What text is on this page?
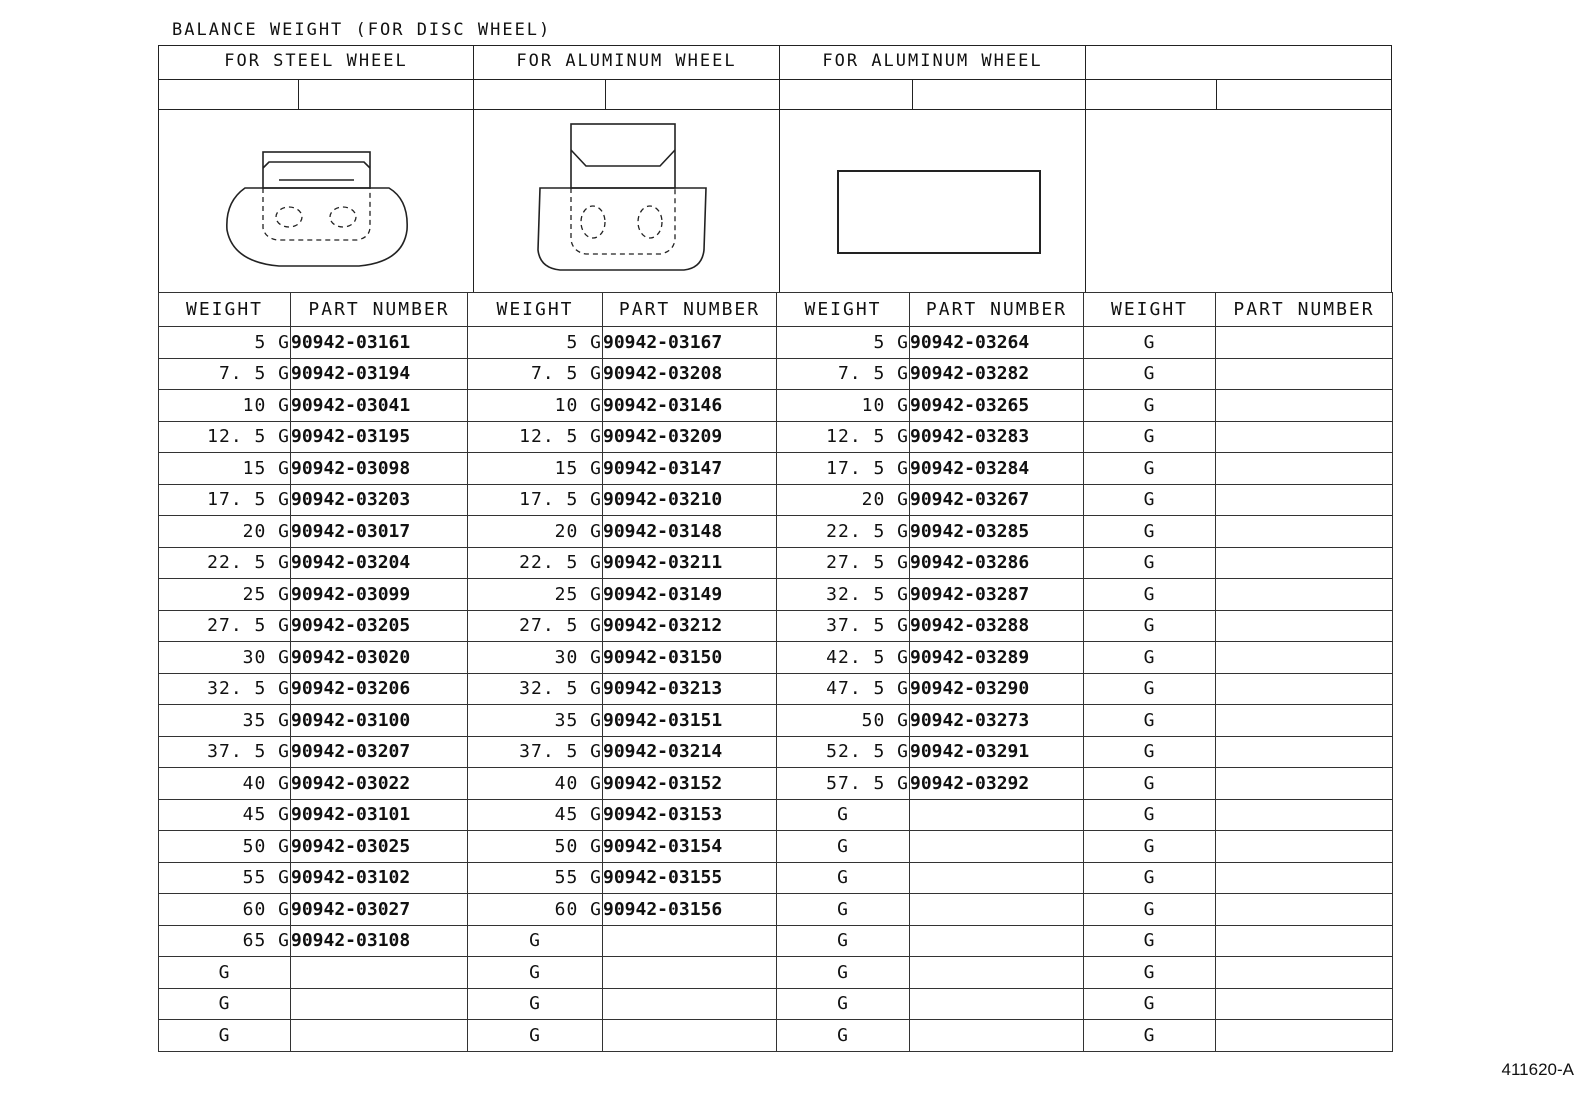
BALANCE WEIGHT (FOR DISC WHEEL)
FOR STEEL WHEEL	FOR ALUMINUM WHEEL	FOR ALUMINUM WHEEL
WEIGHT	PART NUMBER	WEIGHT	PART NUMBER	WEIGHT	PART NUMBER	WEIGHT	PART NUMBER
5 G	90942-03161	5 G	90942-03167	5 G	90942-03264	G	
7. 5 G	90942-03194	7. 5 G	90942-03208	7. 5 G	90942-03282	G	
10 G	90942-03041	10 G	90942-03146	10 G	90942-03265	G	
12. 5 G	90942-03195	12. 5 G	90942-03209	12. 5 G	90942-03283	G	
15 G	90942-03098	15 G	90942-03147	17. 5 G	90942-03284	G	
17. 5 G	90942-03203	17. 5 G	90942-03210	20 G	90942-03267	G	
20 G	90942-03017	20 G	90942-03148	22. 5 G	90942-03285	G	
22. 5 G	90942-03204	22. 5 G	90942-03211	27. 5 G	90942-03286	G	
25 G	90942-03099	25 G	90942-03149	32. 5 G	90942-03287	G	
27. 5 G	90942-03205	27. 5 G	90942-03212	37. 5 G	90942-03288	G	
30 G	90942-03020	30 G	90942-03150	42. 5 G	90942-03289	G	
32. 5 G	90942-03206	32. 5 G	90942-03213	47. 5 G	90942-03290	G	
35 G	90942-03100	35 G	90942-03151	50 G	90942-03273	G	
37. 5 G	90942-03207	37. 5 G	90942-03214	52. 5 G	90942-03291	G	
40 G	90942-03022	40 G	90942-03152	57. 5 G	90942-03292	G	
45 G	90942-03101	45 G	90942-03153	G		G	
50 G	90942-03025	50 G	90942-03154	G		G	
55 G	90942-03102	55 G	90942-03155	G		G	
60 G	90942-03027	60 G	90942-03156	G		G	
65 G	90942-03108	G		G		G	
G		G		G		G	
G		G		G		G	
G		G		G		G	
411620-A
